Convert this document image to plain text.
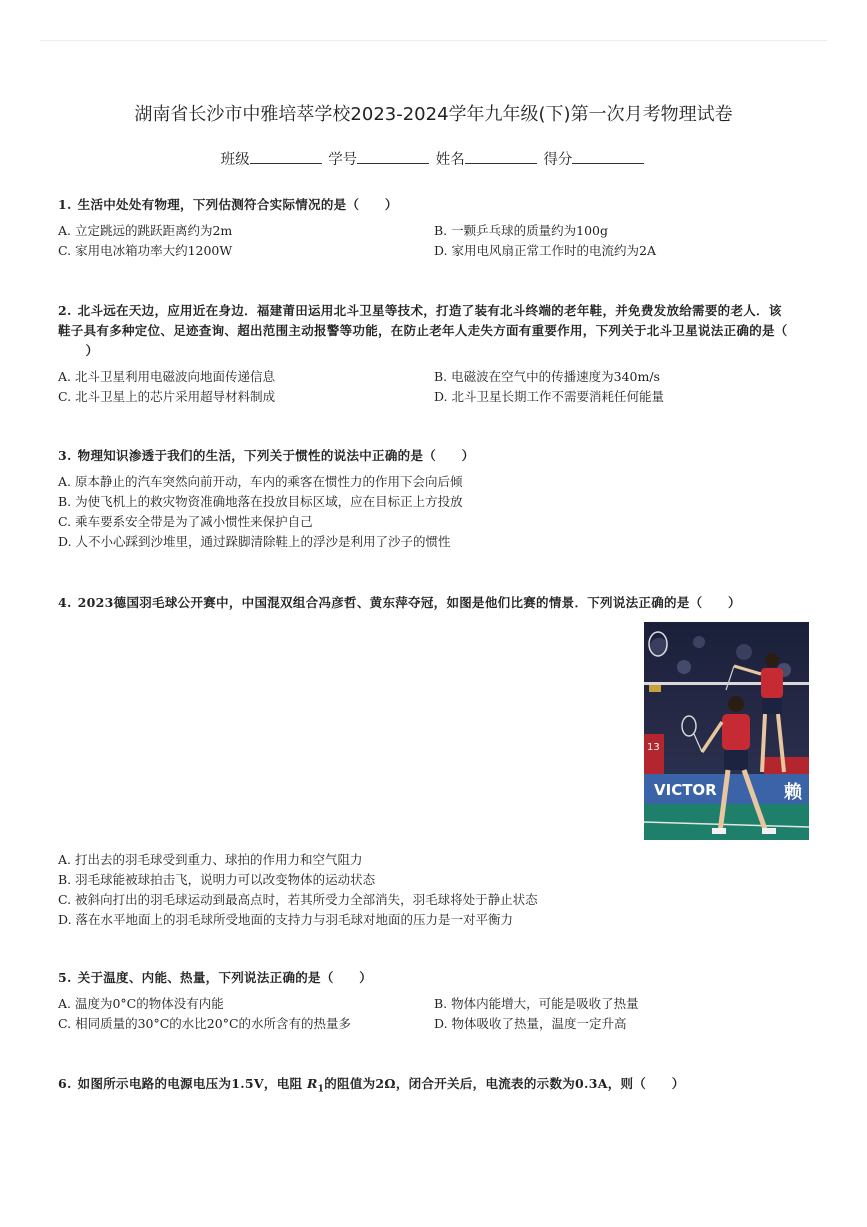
湖南省长沙市中雅培萃学校2023-2024学年九年级(下)第一次月考物理试卷
班级	学号	姓名	得分
1. 生活中处处有物理，下列估测符合实际情况的是（　　）
A. 立定跳远的跳跃距离约为2m	B. 一颗乒乓球的质量约为100g
C. 家用电冰箱功率大约1200W	D. 家用电风扇正常工作时的电流约为2A
2. 北斗远在天边，应用近在身边．福建莆田运用北斗卫星等技术，打造了装有北斗终端的老年鞋，并免费发放给需要的老人．该
鞋子具有多种定位、足迹查询、超出范围主动报警等功能，在防止老年人走失方面有重要作用，下列关于北斗卫星说法正确的是（
　　）
A. 北斗卫星利用电磁波向地面传递信息	B. 电磁波在空气中的传播速度为340m/s
C. 北斗卫星上的芯片采用超导材料制成	D. 北斗卫星长期工作不需要消耗任何能量
3. 物理知识渗透于我们的生活，下列关于惯性的说法中正确的是（　　）
A. 原本静止的汽车突然向前开动，车内的乘客在惯性力的作用下会向后倾
B. 为使飞机上的救灾物资准确地落在投放目标区域，应在目标正上方投放
C. 乘车要系安全带是为了减小惯性来保护自己
D. 人不小心踩到沙堆里，通过跺脚清除鞋上的浮沙是利用了沙子的惯性
4. 2023德国羽毛球公开赛中，中国混双组合冯彦哲、黄东萍夺冠，如图是他们比赛的情景．下列说法正确的是（　　）
13
VICTOR	赖
A. 打出去的羽毛球受到重力、球拍的作用力和空气阻力
B. 羽毛球能被球拍击飞，说明力可以改变物体的运动状态
C. 被斜向打出的羽毛球运动到最高点时，若其所受力全部消失，羽毛球将处于静止状态
D. 落在水平地面上的羽毛球所受地面的支持力与羽毛球对地面的压力是一对平衡力
5. 关于温度、内能、热量，下列说法正确的是（　　）
A. 温度为0°C的物体没有内能	B. 物体内能增大，可能是吸收了热量
C. 相同质量的30°C的水比20°C的水所含有的热量多	D. 物体吸收了热量，温度一定升高
6. 如图所示电路的电源电压为1.5V，电阻 $R_1$的阻值为2Ω，闭合开关后，电流表的示数为0.3A，则（　　）
